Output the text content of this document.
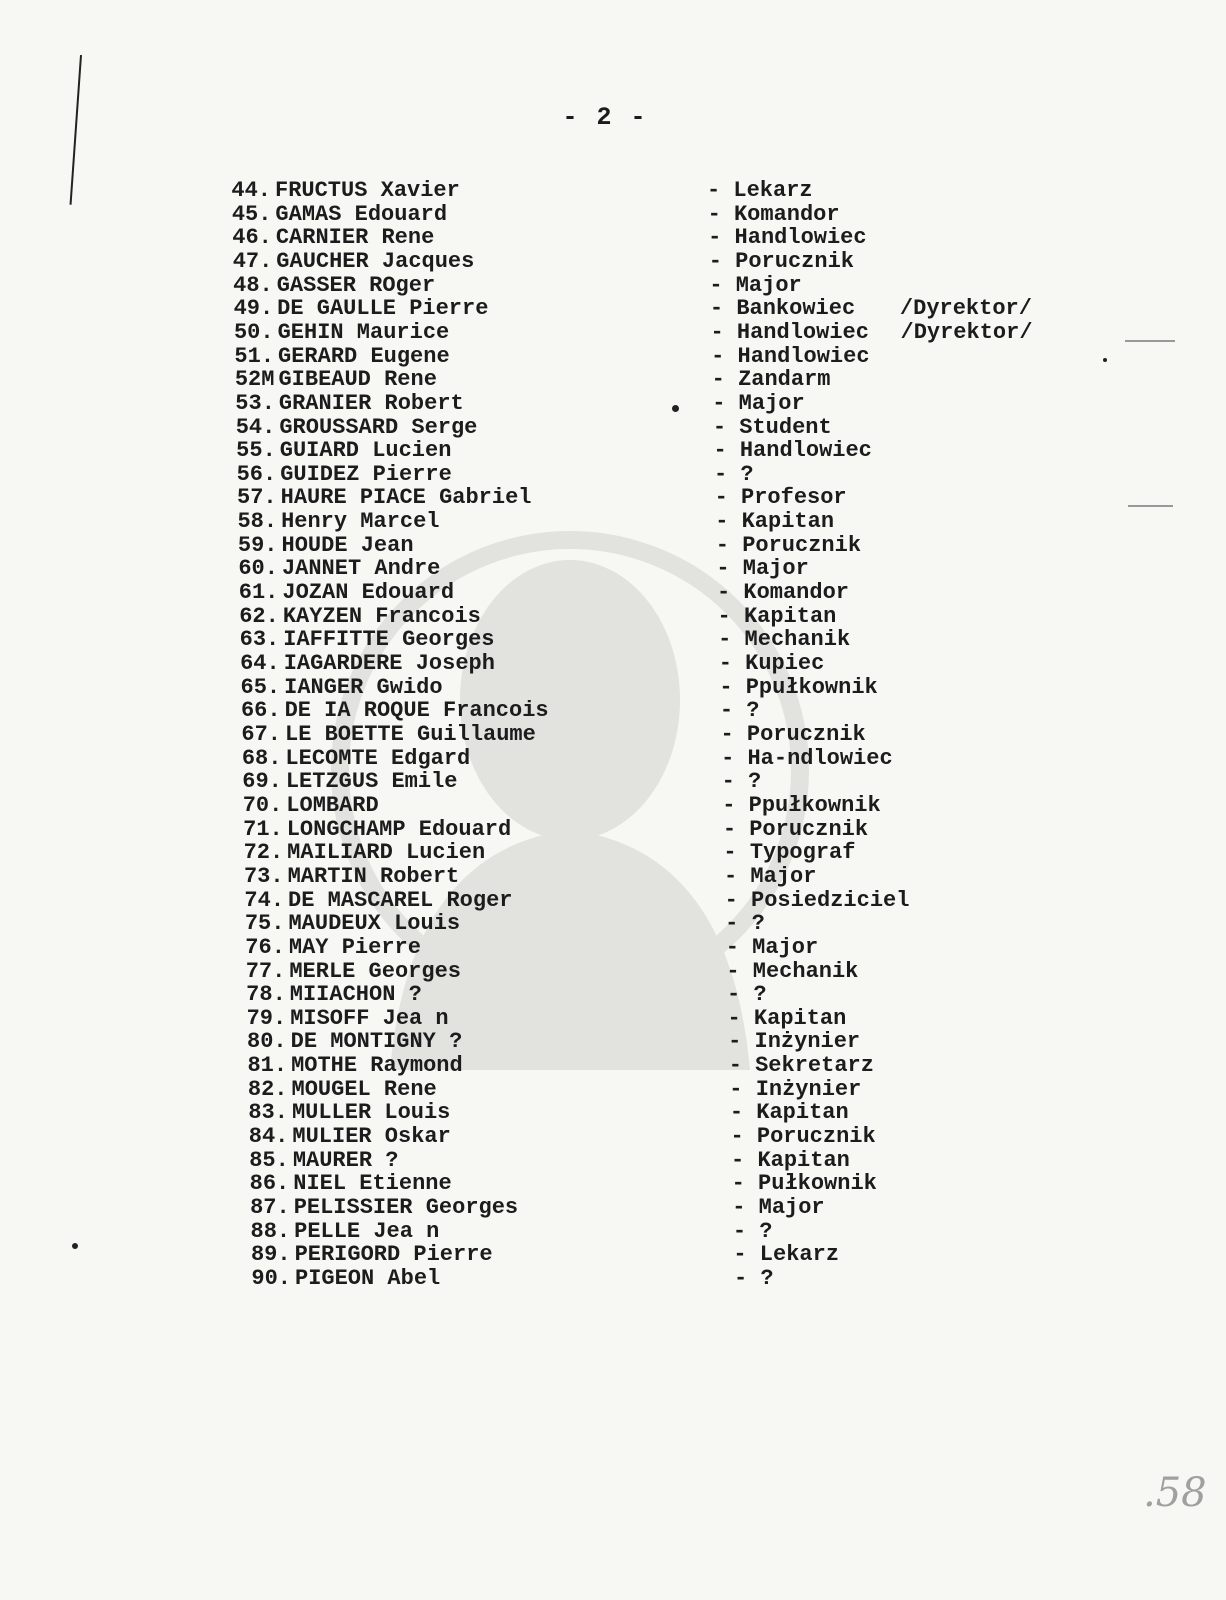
- 2 -
44. FRUCTUS Xavier	- Lekarz
45. GAMAS Edouard	- Komandor
46. CARNIER Rene	- Handlowiec
47. GAUCHER Jacques	- Porucznik
48. GASSER ROger	- Major
49. DE GAULLE Pierre	- Bankowiec /Dyrektor/
50. GEHIN Maurice	- Handlowiec /Dyrektor/
51. GERARD Eugene	- Handlowiec
52M GIBEAUD Rene	- Zandarm
53. GRANIER Robert	- Major
54. GROUSSARD Serge	- Student
55. GUIARD Lucien	- Handlowiec
56. GUIDEZ Pierre	- ?
57. HAURE PIACE Gabriel	- Profesor
58. Henry Marcel	- Kapitan
59. HOUDE Jean	- Porucznik
60. JANNET Andre	- Major
61. JOZAN Edouard	- Komandor
62. KAYZEN Francois	- Kapitan
63. IAFFITTE Georges	- Mechanik
64. IAGARDERE Joseph	- Kupiec
65. IANGER Gwido	- Ppułkownik
66. DE IA ROQUE Francois	- ?
67. LE BOETTE Guillaume	- Porucznik
68. LECOMTE Edgard	- Ha-ndlowiec
69. LETZGUS Emile	- ?
70. LOMBARD	- Ppułkownik
71. LONGCHAMP Edouard	- Porucznik
72. MAILIARD Lucien	- Typograf
73. MARTIN Robert	- Major
74. DE MASCAREL Roger	- Posiedziciel
75. MAUDEUX Louis	- ?
76. MAY Pierre	- Major
77. MERLE Georges	- Mechanik
78. MIIACHON ?	- ?
79. MISOFF Jea n	- Kapitan
80. DE MONTIGNY ?	- Inżynier
81. MOTHE Raymond	- Sekretarz
82. MOUGEL Rene	- Inżynier
83. MULLER Louis	- Kapitan
84. MULIER Oskar	- Porucznik
85. MAURER ?	- Kapitan
86. NIEL Etienne	- Pułkownik
87. PELISSIER Georges	- Major
88. PELLE Jea n	- ?
89. PERIGORD Pierre	- Lekarz
90. PIGEON Abel	- ?
.58
